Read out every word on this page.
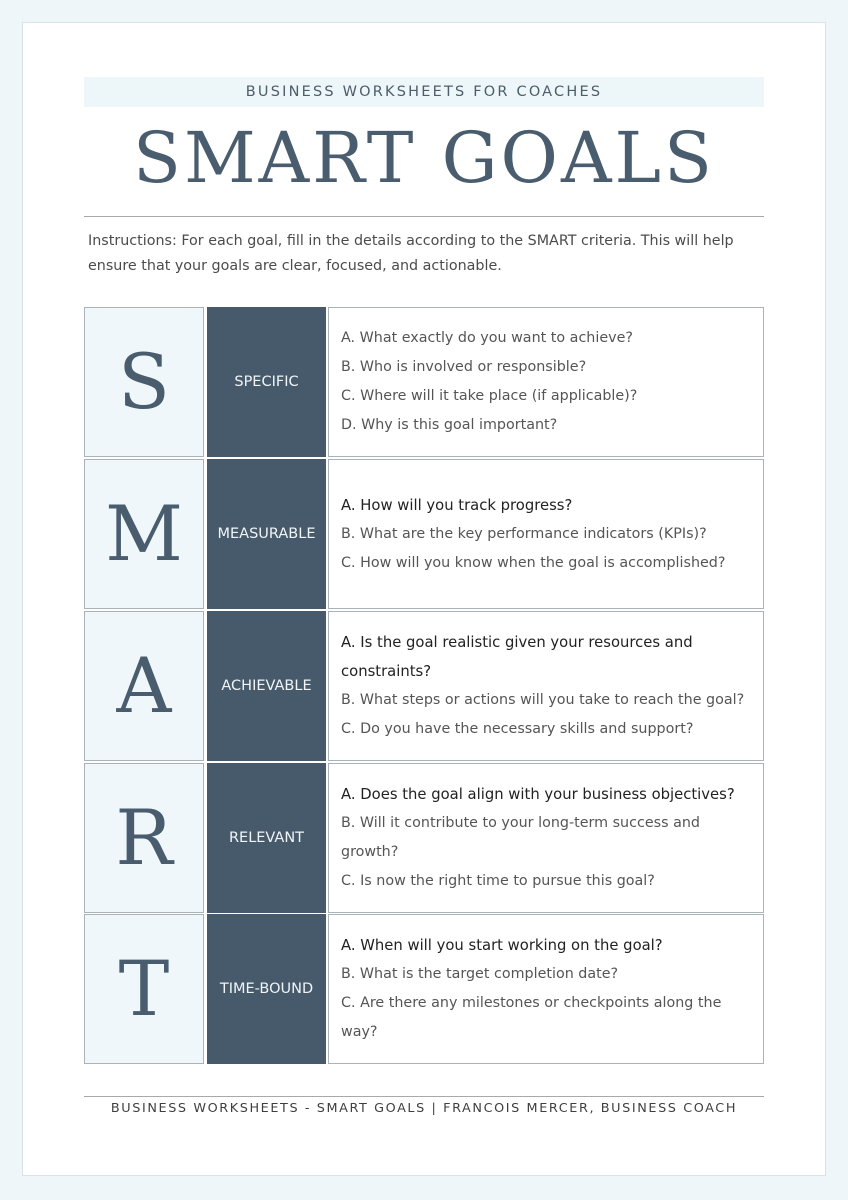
BUSINESS WORKSHEETS FOR COACHES
SMART GOALS

Instructions: For each goal, fill in the details according to the SMART criteria. This will help ensure that your goals are clear, focused, and actionable.

S	SPECIFIC
A. What exactly do you want to achieve?
B. Who is involved or responsible?
C. Where will it take place (if applicable)?
D. Why is this goal important?
M	MEASURABLE
A. How will you track progress?
B. What are the key performance indicators (KPIs)?
C. How will you know when the goal is accomplished?
A	ACHIEVABLE
A. Is the goal realistic given your resources and constraints?
B. What steps or actions will you take to reach the goal?
C. Do you have the necessary skills and support?
R	RELEVANT
A. Does the goal align with your business objectives?
B. Will it contribute to your long-term success and growth?
C. Is now the right time to pursue this goal?
T	TIME-BOUND
A. When will you start working on the goal?
B. What is the target completion date?
C. Are there any milestones or checkpoints along the way?
BUSINESS WORKSHEETS - SMART GOALS | FRANCOIS MERCER, BUSINESS COACH
